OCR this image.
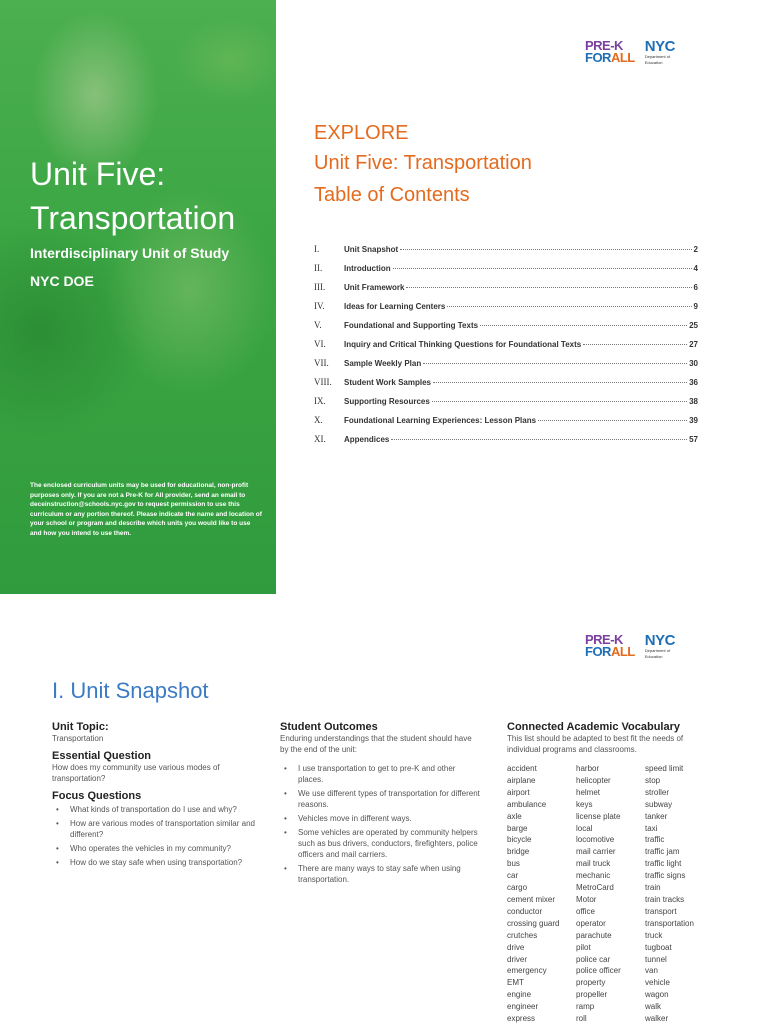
Unit Five:
Transportation
Interdisciplinary Unit of Study
NYC DOE
The enclosed curriculum units may be used for educational, non-profit purposes only. If you are not a Pre-K for All provider, send an email to deceinstruction@schools.nyc.gov to request permission to use this curriculum or any portion thereof. Please indicate the name and location of your school or program and describe which units you would like to use and how you intend to use them.
PRE-K
FORALL
NYC
Department of
Education
EXPLORE
Unit Five: Transportation
Table of Contents
I.	Unit Snapshot	2
II.	Introduction	4
III.	Unit Framework	6
IV.	Ideas for Learning Centers	9
V.	Foundational and Supporting Texts	25
VI.	Inquiry and Critical Thinking Questions for Foundational Texts	27
VII.	Sample Weekly Plan	30
VIII.	Student Work Samples	36
IX.	Supporting Resources	38
X.	Foundational Learning Experiences: Lesson Plans	39
XI.	Appendices	57
PRE-K
FORALL
NYC
Department of
Education
I. Unit Snapshot
Unit Topic:
Transportation
Essential Question
How does my community use various modes of transportation?
Focus Questions
• What kinds of transportation do I use and why?
• How are various modes of transportation similar and different?
• Who operates the vehicles in my community?
• How do we stay safe when using transportation?
Student Outcomes
Enduring understandings that the student should have by the end of the unit:
• I use transportation to get to pre-K and other places.
• We use different types of transportation for different reasons.
• Vehicles move in different ways.
• Some vehicles are operated by community helpers such as bus drivers, conductors, firefighters, police officers and mail carriers.
• There are many ways to stay safe when using transportation.
Connected Academic Vocabulary
This list should be adapted to best fit the needs of individual programs and classrooms.
accident
airplane
airport
ambulance
axle
barge
bicycle
bridge
bus
car
cargo
cement mixer
conductor
crossing guard
crutches
drive
driver
emergency
EMT
engine
engineer
express
harbor
helicopter
helmet
keys
license plate
local
locomotive
mail carrier
mail truck
mechanic
MetroCard
Motor
office
operator
parachute
pilot
police car
police officer
property
propeller
ramp
roll
speed limit
stop
stroller
subway
tanker
taxi
traffic
traffic jam
traffic light
traffic signs
train
train tracks
transport
transportation
truck
tugboat
tunnel
van
vehicle
wagon
walk
walker
